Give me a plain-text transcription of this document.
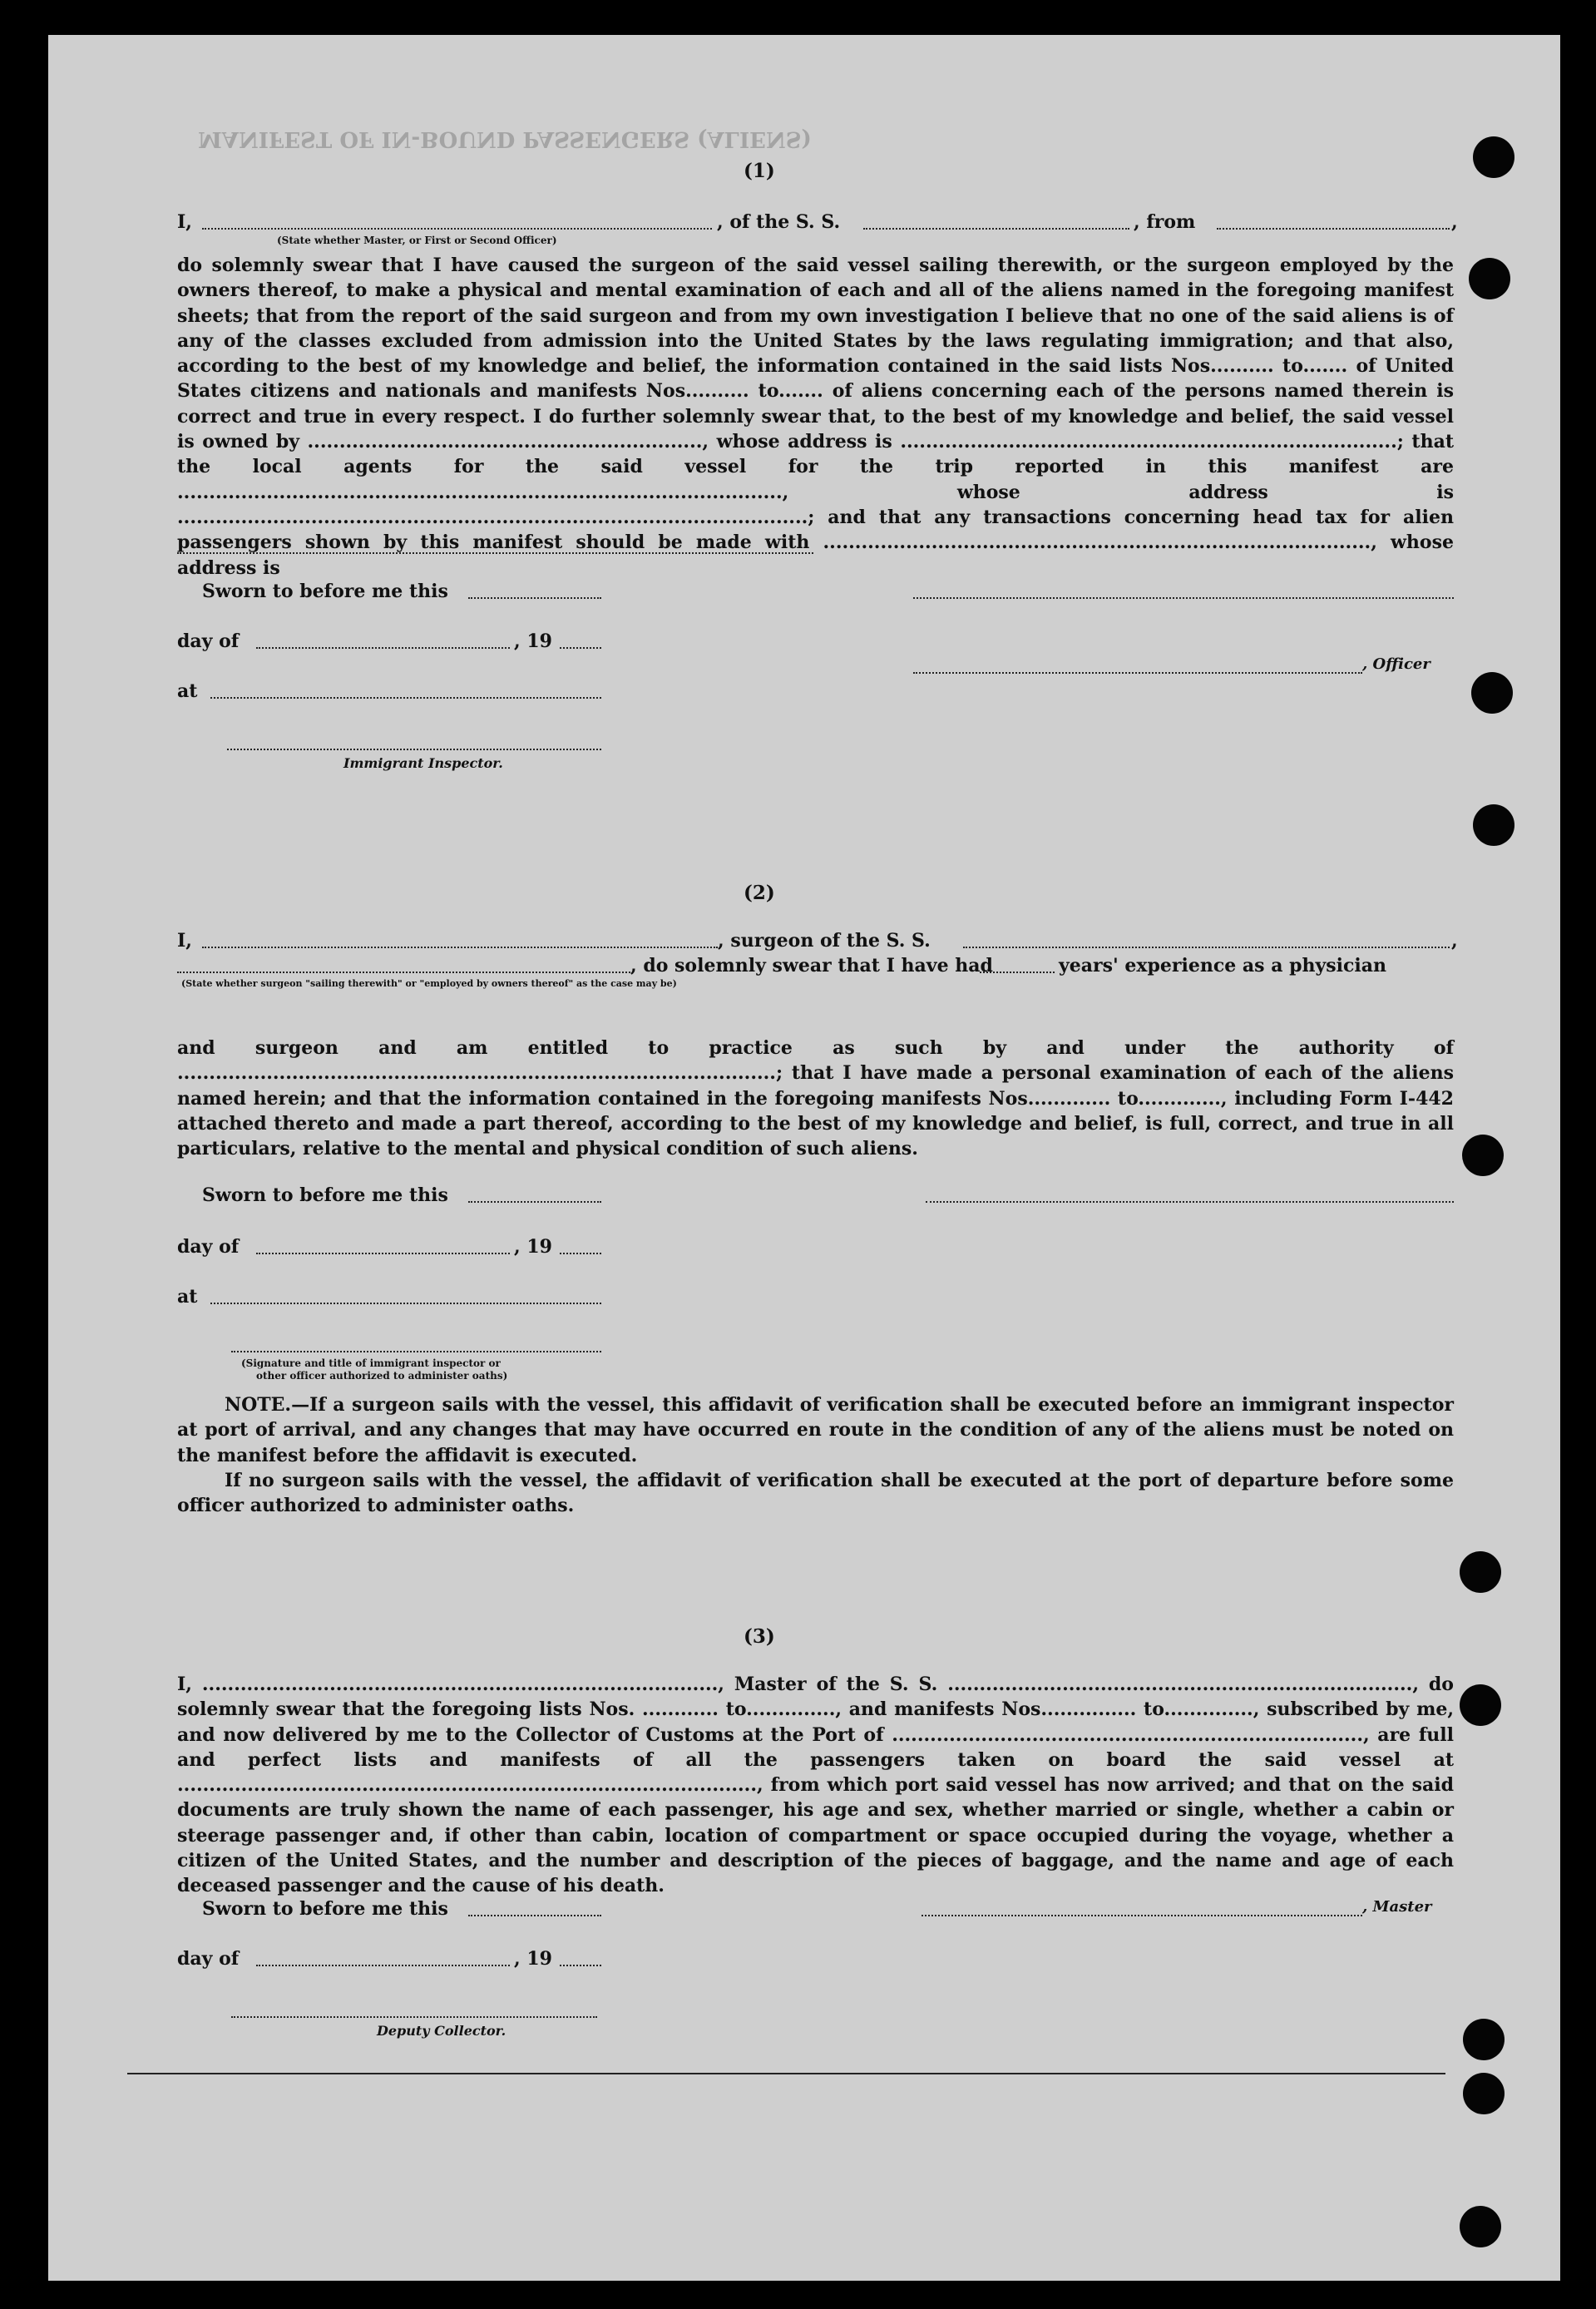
MANIFEST OF IN-BOUND PASSENGERS (ALIENS)
(1)
I,	, of the S. S.	, from	,
(State whether Master, or First or Second Officer)
do solemnly swear that I have caused the surgeon of the said vessel sailing therewith, or the surgeon employed by the owners thereof, to make a physical and mental examination of each and all of the aliens named in the foregoing manifest sheets; that from the report of the said surgeon and from my own investigation I believe that no one of the said aliens is of any of the classes excluded from admission into the United States by the laws regulating immigration; and that also, according to the best of my knowledge and belief, the information contained in the said lists Nos.......... to....... of United States citizens and nationals and manifests Nos.......... to....... of aliens concerning each of the persons named therein is correct and true in every respect. I do further solemnly swear that, to the best of my knowledge and belief, the said vessel is owned by .............................................................., whose address is ..............................................................................; that the local agents for the said vessel for the trip reported in this manifest are ..............................................................................................., whose address is ...................................................................................................; and that any transactions concerning head tax for alien passengers shown by this manifest should be made with ......................................................................................, whose address is
Sworn to before me this
day of	, 19
, Officer
at
Immigrant Inspector.
(2)
I,	, surgeon of the S. S.	,
, do solemnly swear that I have had	years' experience as a physician
(State whether surgeon "sailing therewith" or "employed by owners thereof" as the case may be)
and surgeon and am entitled to practice as such by and under the authority of ..............................................................................................; that I have made a personal examination of each of the aliens named herein; and that the information contained in the foregoing manifests Nos............. to............., including Form I-442 attached thereto and made a part thereof, according to the best of my knowledge and belief, is full, correct, and true in all particulars, relative to the mental and physical condition of such aliens.
Sworn to before me this
day of	, 19
at
(Signature and title of immigrant inspector or
other officer authorized to administer oaths)
NOTE.—If a surgeon sails with the vessel, this affidavit of verification shall be executed before an immigrant inspector at port of arrival, and any changes that may have occurred en route in the condition of any of the aliens must be noted on the manifest before the affidavit is executed.
If no surgeon sails with the vessel, the affidavit of verification shall be executed at the port of departure before some officer authorized to administer oaths.
(3)
I, ................................................................................., Master of the S. S. ........................................................................., do solemnly swear that the foregoing lists Nos. ............ to.............., and manifests Nos............... to.............., subscribed by me, and now delivered by me to the Collector of Customs at the Port of .........................................................................., are full and perfect lists and manifests of all the passengers taken on board the said vessel at ..........................................................................................., from which port said vessel has now arrived; and that on the said documents are truly shown the name of each passenger, his age and sex, whether married or single, whether a cabin or steerage passenger and, if other than cabin, location of compartment or space occupied during the voyage, whether a citizen of the United States, and the number and description of the pieces of baggage, and the name and age of each deceased passenger and the cause of his death.
Sworn to before me this	, Master
day of	, 19
Deputy Collector.
